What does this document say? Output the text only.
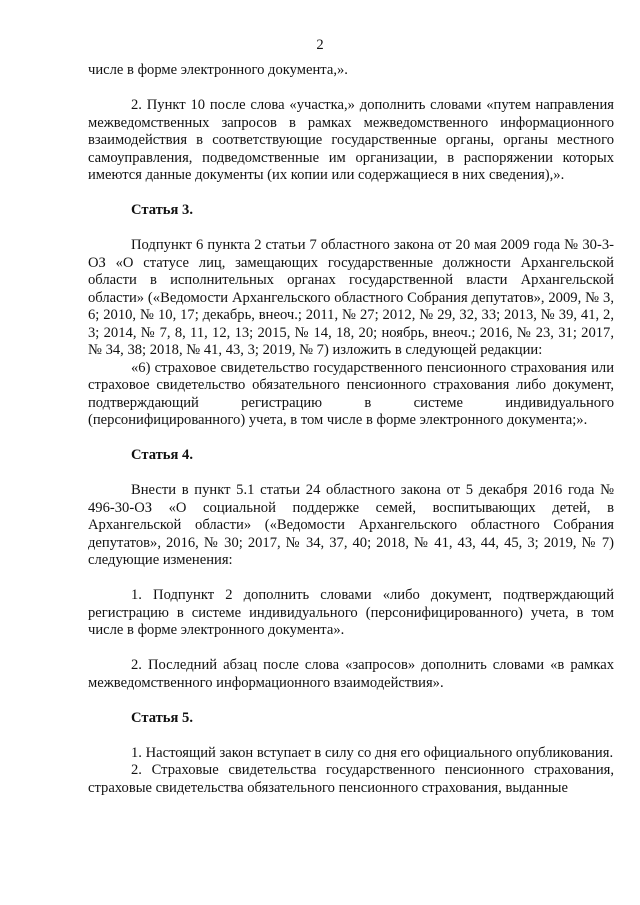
2

числе в форме электронного документа,».

2. Пункт 10 после слова «участка,» дополнить словами «путем направления межведомственных запросов в рамках межведомственного информационного взаимодействия в соответствующие государственные органы, органы местного самоуправления, подведомственные им организации, в распоряжении которых имеются данные документы (их копии или содержащиеся в них сведения),».

Статья 3.

Подпункт 6 пункта 2 статьи 7 областного закона от 20 мая 2009 года № 30-3-ОЗ «О статусе лиц, замещающих государственные должности Архангельской области в исполнительных органах государственной власти Архангельской области» («Ведомости Архангельского областного Собрания депутатов», 2009, № 3, 6; 2010, № 10, 17; декабрь, внеоч.; 2011, № 27; 2012, № 29, 32, 33; 2013, № 39, 41, 2, 3; 2014, № 7, 8, 11, 12, 13; 2015, № 14, 18, 20; ноябрь, внеоч.; 2016, № 23, 31; 2017, № 34, 38; 2018, № 41, 43, 3; 2019, № 7) изложить в следующей редакции:

«6) страховое свидетельство государственного пенсионного страхования или страховое свидетельство обязательного пенсионного страхования либо документ, подтверждающий регистрацию в системе индивидуального (персонифицированного) учета, в том числе в форме электронного документа;».

Статья 4.

Внести в пункт 5.1 статьи 24 областного закона от 5 декабря 2016 года № 496-30-ОЗ «О социальной поддержке семей, воспитывающих детей, в Архангельской области» («Ведомости Архангельского областного Собрания депутатов», 2016, № 30; 2017, № 34, 37, 40; 2018, № 41, 43, 44, 45, 3; 2019, № 7) следующие изменения:

1. Подпункт 2 дополнить словами «либо документ, подтверждающий регистрацию в системе индивидуального (персонифицированного) учета, в том числе в форме электронного документа».

2. Последний абзац после слова «запросов» дополнить словами «в рамках межведомственного информационного взаимодействия».

Статья 5.

1. Настоящий закон вступает в силу со дня его официального опубликования.

2. Страховые свидетельства государственного пенсионного страхования, страховые свидетельства обязательного пенсионного страхования, выданные
